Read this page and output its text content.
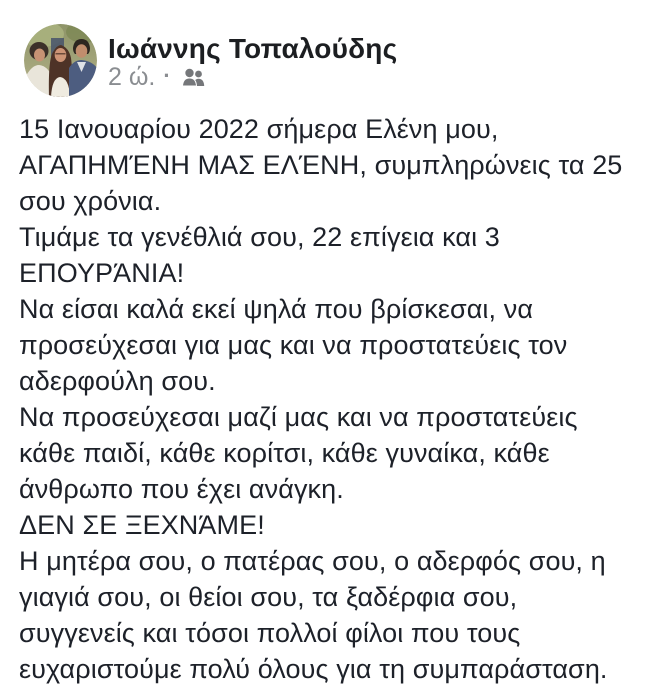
Ιωάννης Τοπαλούδης
2 ώ. ·
15 Ιανουαρίου 2022 σήμερα Ελένη μου,
ΑΓΑΠΗΜΈΝΗ ΜΑΣ ΕΛΈΝΗ, συμπληρώνεις τα 25
σου χρόνια.
Τιμάμε τα γενέθλιά σου, 22 επίγεια και 3
ΕΠΟΥΡΆΝΙΑ!
Να είσαι καλά εκεί ψηλά που βρίσκεσαι, να
προσεύχεσαι για μας και να προστατεύεις τον
αδερφούλη σου.
Να προσεύχεσαι μαζί μας και να προστατεύεις
κάθε παιδί, κάθε κορίτσι, κάθε γυναίκα, κάθε
άνθρωπο που έχει ανάγκη.
ΔΕΝ ΣΕ ΞΕΧΝΆΜΕ!
Η μητέρα σου, ο πατέρας σου, ο αδερφός σου, η
γιαγιά σου, οι θείοι σου, τα ξαδέρφια σου,
συγγενείς και τόσοι πολλοί φίλοι που τους
ευχαριστούμε πολύ όλους για τη συμπαράσταση.
